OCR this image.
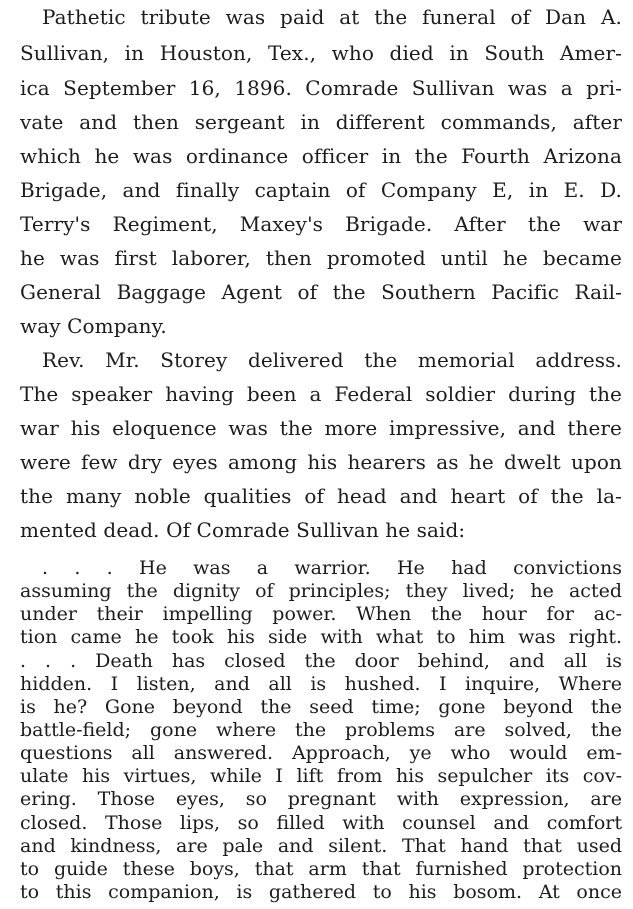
Pathetic tribute was paid at the funeral of Dan A.
Sullivan, in Houston, Tex., who died in South Amer-
ica September 16, 1896. Comrade Sullivan was a pri-
vate and then sergeant in different commands, after
which he was ordinance officer in the Fourth Arizona
Brigade, and finally captain of Company E, in E. D.
Terry's Regiment, Maxey's Brigade. After the war
he was first laborer, then promoted until he became
General Baggage Agent of the Southern Pacific Rail-
way Company.
Rev. Mr. Storey delivered the memorial address.
The speaker having been a Federal soldier during the
war his eloquence was the more impressive, and there
were few dry eyes among his hearers as he dwelt upon
the many noble qualities of head and heart of the la-
mented dead. Of Comrade Sullivan he said:
. . . He was a warrior. He had convictions
assuming the dignity of principles; they lived; he acted
under their impelling power. When the hour for ac-
tion came he took his side with what to him was right.
. . . Death has closed the door behind, and all is
hidden. I listen, and all is hushed. I inquire, Where
is he? Gone beyond the seed time; gone beyond the
battle-field; gone where the problems are solved, the
questions all answered. Approach, ye who would em-
ulate his virtues, while I lift from his sepulcher its cov-
ering. Those eyes, so pregnant with expression, are
closed. Those lips, so filled with counsel and comfort
and kindness, are pale and silent. That hand that used
to guide these boys, that arm that furnished protection
to this companion, is gathered to his bosom. At once
